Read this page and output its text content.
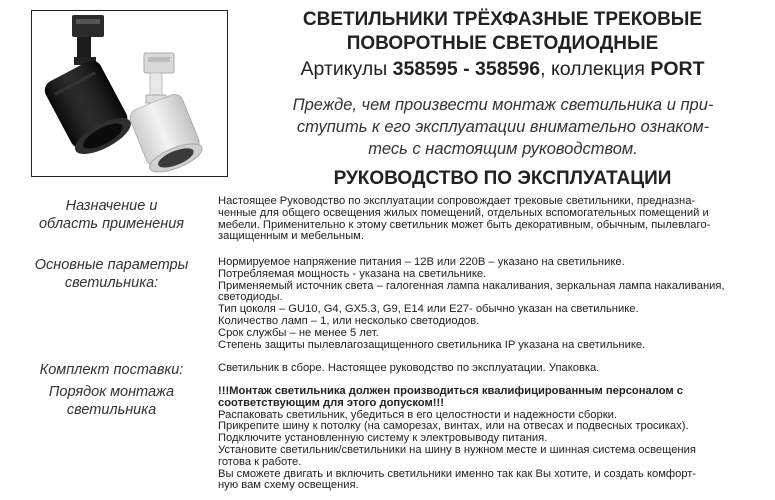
СВЕТИЛЬНИКИ ТРЁХФАЗНЫЕ ТРЕКОВЫЕ

ПОВОРОТНЫЕ СВЕТОДИОДНЫЕ

Артикулы 358595 - 358596, коллекция PORT

Прежде, чем произвести монтаж светильника и при-
ступить к его эксплуатации внимательно ознаком-
тесь с настоящим руководством.
РУКОВОДСТВО ПО ЭКСПЛУАТАЦИИ
Назначение и
область применения

Настоящее Руководство по эксплуатации сопровождает трековые светильники, предназна-

ченные для общего освещения жилых помещений, отдельных вспомогательных помещений и

мебели. Применительно к этому светильник может быть декоративным, обычным, пылевлаго-

защищенным и мебельным.

Основные параметры
светильника:

Нормируемое напряжение питания – 12В или 220В – указано на светильнике.

Потребляемая мощность - указана на светильнике.

Применяемый источник света – галогенная лампа накаливания, зеркальная лампа накаливания,

светодиоды.

Тип цоколя – GU10, G4, GX5.3, G9, E14 или E27- обычно указан на светильнике.

Количество ламп – 1, или несколько светодиодов.

Срок службы – не менее 5 лет.

Степень защиты пылевлагозащищенного светильника IP указана на светильнике.

Комплект поставки:	Светильник в сборе. Настоящее руководство по эксплуатации. Упаковка.

Порядок монтажа
светильника

!!!Монтаж светильника должен производиться квалифицированным персоналом с

соответствующим для этого допуском!!!

Распаковать светильник, убедиться в его целостности и надежности сборки.

Прикрепите шину к потолку (на саморезах, винтах, или на отвесах и подвесных тросиках).

Подключите установленную систему к электровыводу питания.

Установите светильник/светильники на шину в нужном месте и шинная система освещения

готова к работе.

Вы сможете двигать и включить светильники именно так как Вы хотите, и создать комфорт-

ную вам схему освещения.
